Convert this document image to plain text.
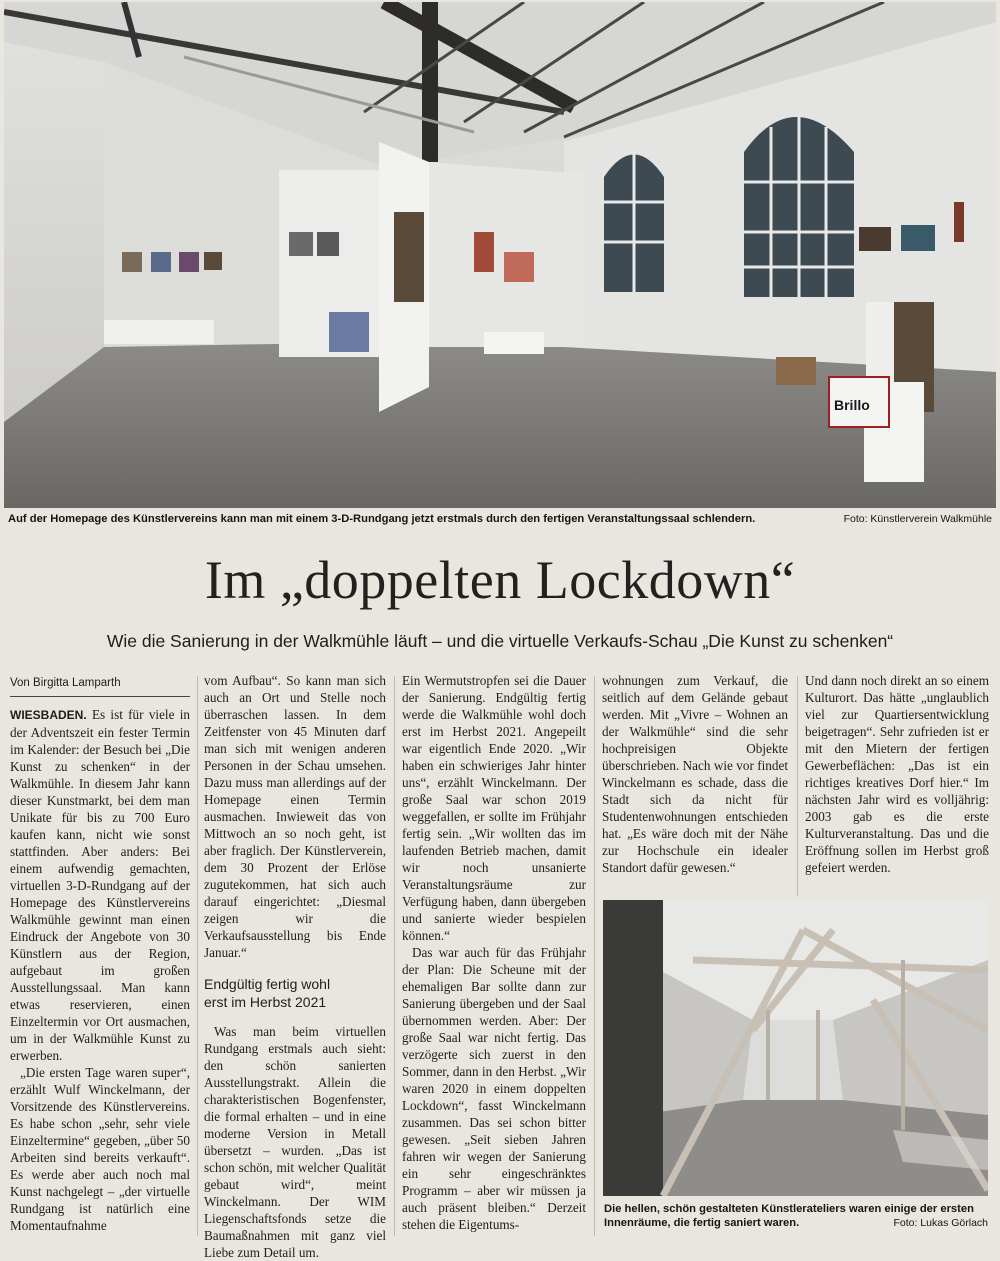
Brillo
Auf der Homepage des Künstlervereins kann man mit einem 3-D-Rundgang jetzt erstmals durch den fertigen Veranstaltungssaal schlendern.	Foto: Künstlerverein Walkmühle
Im „doppelten Lockdown“
Wie die Sanierung in der Walkmühle läuft – und die virtuelle Verkaufs-Schau „Die Kunst zu schenken“
Von Birgitta Lamparth

WIESBADEN. Es ist für viele in der Adventszeit ein fester Termin im Kalender: der Besuch bei „Die Kunst zu schenken“ in der Walkmühle. In diesem Jahr kann dieser Kunstmarkt, bei dem man Unikate für bis zu 700 Euro kaufen kann, nicht wie sonst stattfinden. Aber anders: Bei einem aufwendig gemachten, virtuellen 3-D-Rundgang auf der Homepage des Künstlervereins Walkmühle gewinnt man einen Eindruck der Angebote von 30 Künstlern aus der Region, aufgebaut im großen Ausstellungssaal. Man kann etwas reservieren, einen Einzeltermin vor Ort ausmachen, um in der Walkmühle Kunst zu erwerben.

„Die ersten Tage waren super“, erzählt Wulf Winckelmann, der Vorsitzende des Künstlervereins. Es habe schon „sehr, sehr viele Einzeltermine“ gegeben, „über 50 Arbeiten sind bereits verkauft“. Es werde aber auch noch mal Kunst nachgelegt – „der virtuelle Rundgang ist natürlich eine Momentaufnahme

vom Aufbau“. So kann man sich auch an Ort und Stelle noch überraschen lassen. In dem Zeitfenster von 45 Minuten darf man sich mit wenigen anderen Personen in der Schau umsehen. Dazu muss man allerdings auf der Homepage einen Termin ausmachen. Inwieweit das von Mittwoch an so noch geht, ist aber fraglich. Der Künstlerverein, dem 30 Prozent der Erlöse zugutekommen, hat sich auch darauf eingerichtet: „Diesmal zeigen wir die Verkaufsausstellung bis Ende Januar.“

Endgültig fertig wohl
erst im Herbst 2021

Was man beim virtuellen Rundgang erstmals auch sieht: den schön sanierten Ausstellungstrakt. Allein die charakteristischen Bogenfenster, die formal erhalten – und in eine moderne Version in Metall übersetzt – wurden. „Das ist schon schön, mit welcher Qualität gebaut wird“, meint Winckelmann. Der WIM Liegenschaftsfonds setze die Baumaßnahmen mit ganz viel Liebe zum Detail um.

Ein Wermutstropfen sei die Dauer der Sanierung. Endgültig fertig werde die Walkmühle wohl doch erst im Herbst 2021. Angepeilt war eigentlich Ende 2020. „Wir haben ein schwieriges Jahr hinter uns“, erzählt Winckelmann. Der große Saal war schon 2019 weggefallen, er sollte im Frühjahr fertig sein. „Wir wollten das im laufenden Betrieb machen, damit wir noch unsanierte Veranstaltungsräume zur Verfügung haben, dann übergeben und sanierte wieder bespielen können.“

Das war auch für das Frühjahr der Plan: Die Scheune mit der ehemaligen Bar sollte dann zur Sanierung übergeben und der Saal übernommen werden. Aber: Der große Saal war nicht fertig. Das verzögerte sich zuerst in den Sommer, dann in den Herbst. „Wir waren 2020 in einem doppelten Lockdown“, fasst Winckelmann zusammen. Das sei schon bitter gewesen. „Seit sieben Jahren fahren wir wegen der Sanierung ein sehr eingeschränktes Programm – aber wir müssen ja auch präsent bleiben.“ Derzeit stehen die Eigentums-

wohnungen zum Verkauf, die seitlich auf dem Gelände gebaut werden. Mit „Vivre – Wohnen an der Walkmühle“ sind die sehr hochpreisigen Objekte überschrieben. Nach wie vor findet Winckelmann es schade, dass die Stadt sich da nicht für Studentenwohnungen entschieden hat. „Es wäre doch mit der Nähe zur Hochschule ein idealer Standort dafür gewesen.“

Und dann noch direkt an so einem Kulturort. Das hätte „unglaublich viel zur Quartiersentwicklung beigetragen“. Sehr zufrieden ist er mit den Mietern der fertigen Gewerbeflächen: „Das ist ein richtiges kreatives Dorf hier.“ Im nächsten Jahr wird es volljährig: 2003 gab es die erste Kulturveranstaltung. Das und die Eröffnung sollen im Herbst groß gefeiert werden.

Die hellen, schön gestalteten Künstlerateliers waren einige der ersten Innenräume, die fertig saniert waren.	Foto: Lukas Görlach
